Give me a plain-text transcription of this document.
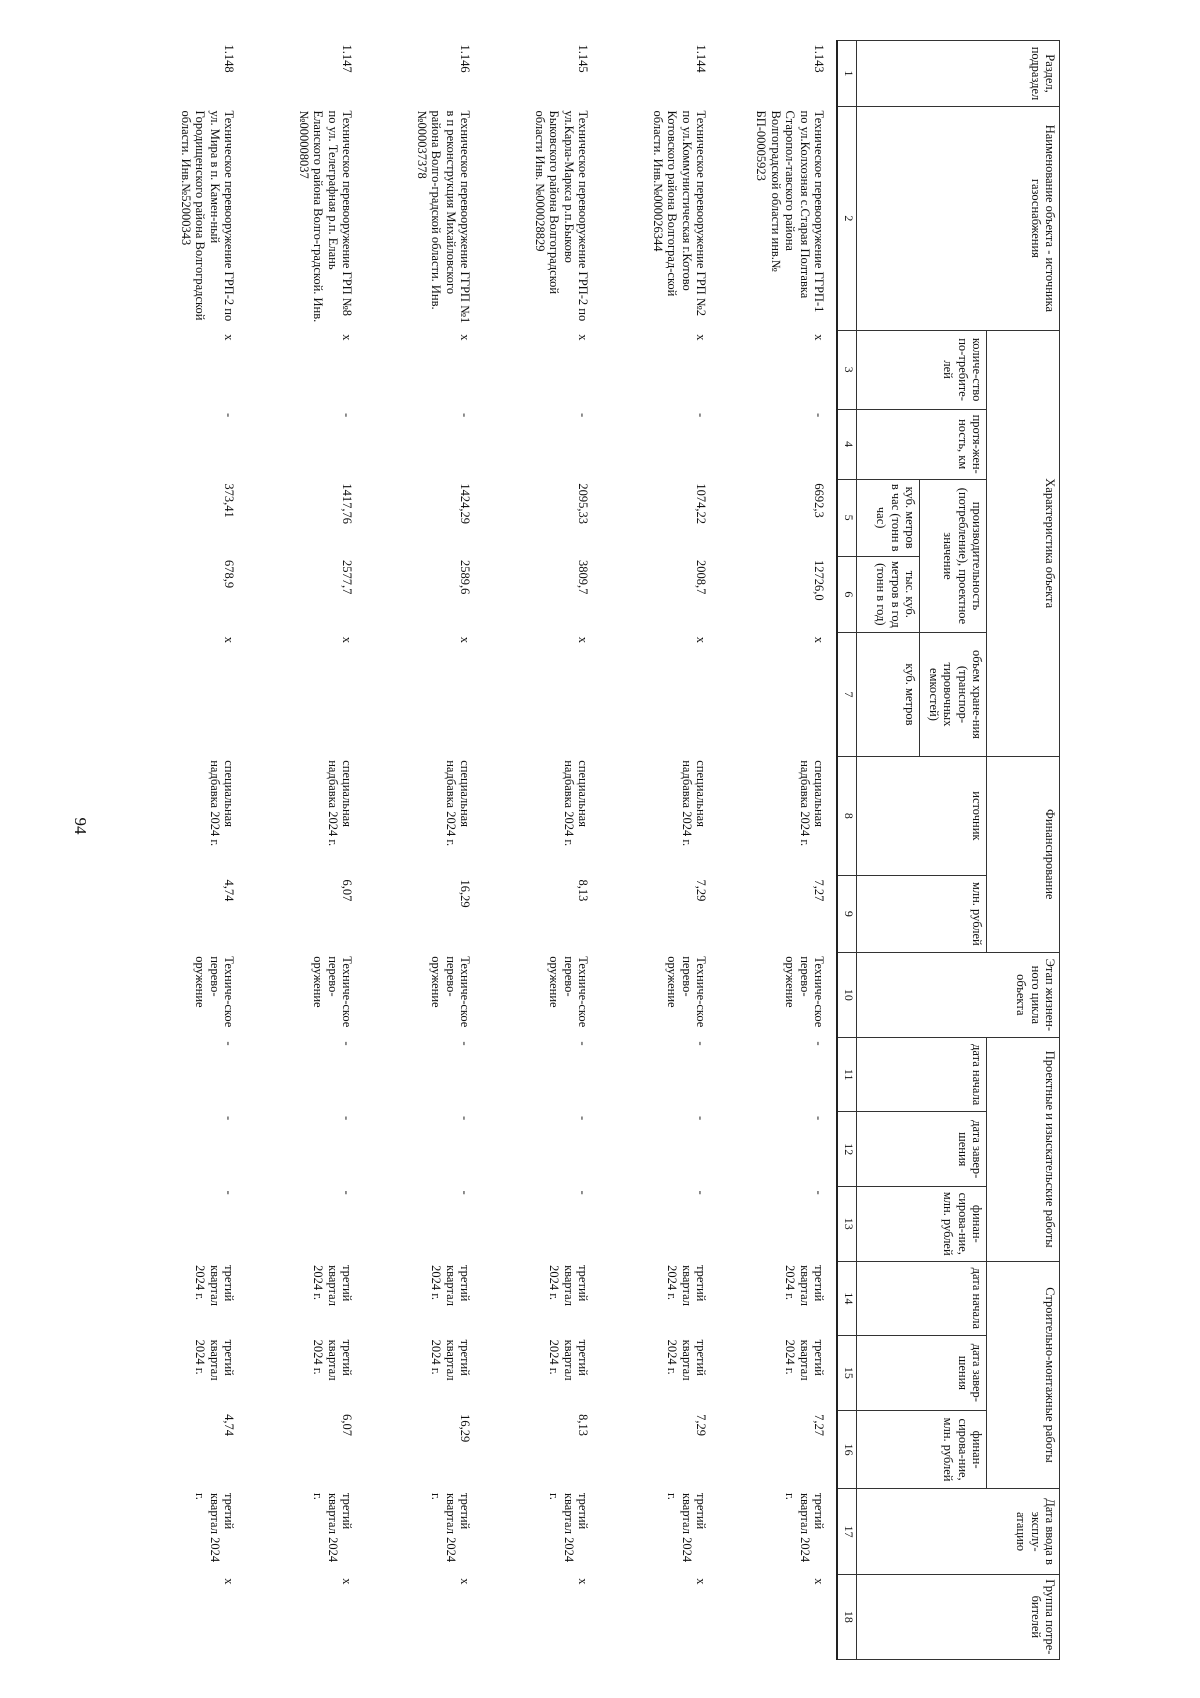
94
Раздел, подраздел	Наименование объекта - источника газоснабжения	Характеристика объекта					Финансирование		Этап жизнен-ного цикла объекта	Проектные и изыскательские работы			Строительно-монтажные работы			Дата ввода в эксплу-атацию	Группа потре-бителей
		количе-ство по-требите-лей	протя-жен-ность, км	производительность (потребление), проектное значение		объем хране-ния (транспор-тировочных емкостей)	источник	млн. рублей		дата начала	дата завер-шения	финан-сирова-ние, млн. рублей	дата начала	дата завер-шения	финан-сирова-ние, млн. рублей		
				куб. метров в час (тонн в час)	тыс. куб. метров в год (тонн в год)	куб. метров											
1	2	3	4	5	6	7	8	9	10	11	12	13	14	15	16	17	18
1.143	Техническое перевооружение ГГРП-1 по ул.Колхозная с.Старая Полтавка Старопол-тавского района Волгоградской области инв.№ БП-00005923	x	-	6692,3	12726,0	x	специальная надбавка 2024 г.	7,27	Техниче-ское перево-оружение	-	-	-	третий квартал 2024 г.	третий квартал 2024 г.	7,27	третий квартал 2024 г.	x
1.144	Техническое перевооружение ГРП №2 по ул.Коммунистическая г.Котово Котовского района Волгоград-ской области. Инв.№000026344	x	-	1074,22	2008,7	x	специальная надбавка 2024 г.	7,29	Техниче-ское перево-оружение	-	-	-	третий квартал 2024 г.	третий квартал 2024 г.	7,29	третий квартал 2024 г.	x
1.145	Техническое перевооружение ГРП-2 по ул.Карла-Маркса р.п.Быково Быковского района Волгоградской области Инв. №000028829	x	-	2095,33	3809,7	x	специальная надбавка 2024 г.	8,13	Техниче-ское перево-оружение	-	-	-	третий квартал 2024 г.	третий квартал 2024 г.	8,13	третий квартал 2024 г.	x
1.146	Техническое перевооружение ГГРП №1 в п реконструкция Михайловского района Волго-градской области. Инв.№000037378	x	-	1424,29	2589,6	x	специальная надбавка 2024 г.	16,29	Техниче-ское перево-оружение	-	-	-	третий квартал 2024 г.	третий квартал 2024 г.	16,29	третий квартал 2024 г.	x
1.147	Техническое перевооружение ГРП №8 по ул. Телеграфная р.п. Елань Еланского района Волго-градской. Инв.№000008037	x	-	1417,76	2577,7	x	специальная надбавка 2024 г.	6,07	Техниче-ское перево-оружение	-	-	-	третий квартал 2024 г.	третий квартал 2024 г.	6,07	третий квартал 2024 г.	x
1.148	Техническое перевооружение ГРП-2 по ул. Мира в п. Камен-ный Городищенского района Волгоградской области. Инв.№52000343	x	-	373,41	678,9	x	специальная надбавка 2024 г.	4,74	Техниче-ское перево-оружение	-	-	-	третий квартал 2024 г.	третий квартал 2024 г.	4,74	третий квартал 2024 г.	x
